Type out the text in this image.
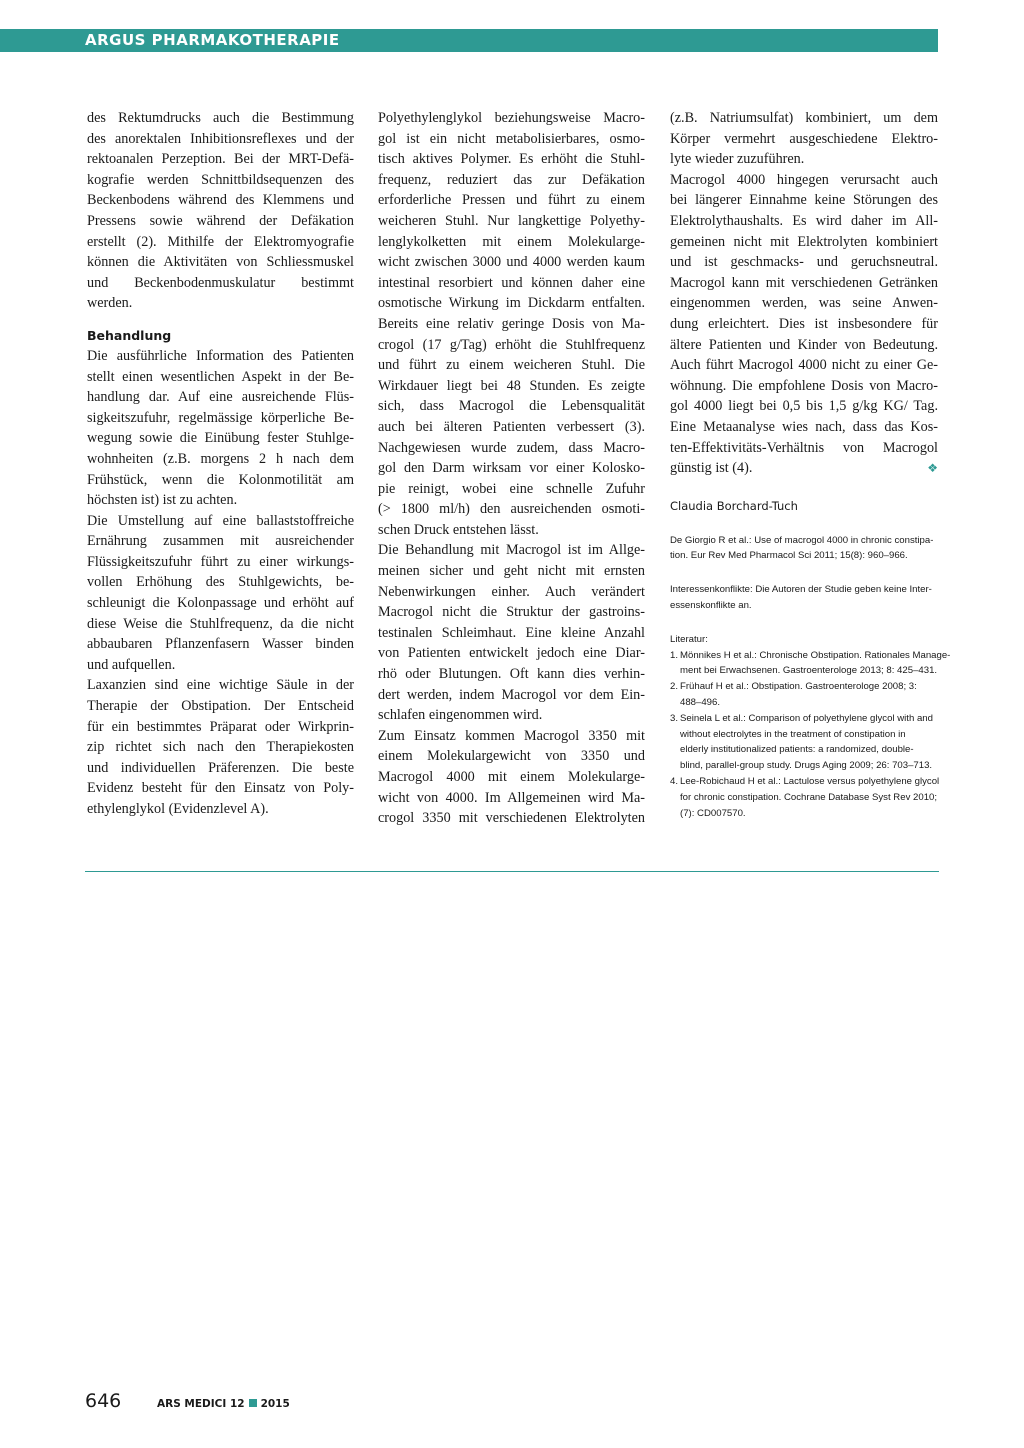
ARGUS PHARMAKOTHERAPIE
des Rektumdrucks auch die Bestimmung
des anorektalen Inhibitionsreflexes und der
rektoanalen Perzeption. Bei der MRT-Defä-
kografie werden Schnittbildsequenzen des
Beckenbodens während des Klemmens und
Pressens sowie während der Defäkation
erstellt (2). Mithilfe der Elektromyografie
können die Aktivitäten von Schliessmuskel
und Beckenbodenmuskulatur bestimmt
werden.
Behandlung
Die ausführliche Information des Patienten
stellt einen wesentlichen Aspekt in der Be-
handlung dar. Auf eine ausreichende Flüs-
sigkeitszufuhr, regelmässige körperliche Be-
wegung sowie die Einübung fester Stuhlge-
wohnheiten (z.B. morgens 2 h nach dem
Frühstück, wenn die Kolonmotilität am
höchsten ist) ist zu achten.
Die Umstellung auf eine ballaststoffreiche
Ernährung zusammen mit ausreichender
Flüssigkeitszufuhr führt zu einer wirkungs-
vollen Erhöhung des Stuhlgewichts, be-
schleunigt die Kolonpassage und erhöht auf
diese Weise die Stuhlfrequenz, da die nicht
abbaubaren Pflanzenfasern Wasser binden
und aufquellen.
Laxanzien sind eine wichtige Säule in der
Therapie der Obstipation. Der Entscheid
für ein bestimmtes Präparat oder Wirkprin-
zip richtet sich nach den Therapiekosten
und individuellen Präferenzen. Die beste
Evidenz besteht für den Einsatz von Poly-
ethylenglykol (Evidenzlevel A).
Polyethylenglykol beziehungsweise Macro-
gol ist ein nicht metabolisierbares, osmo-
tisch aktives Polymer. Es erhöht die Stuhl-
frequenz, reduziert das zur Defäkation
erforderliche Pressen und führt zu einem
weicheren Stuhl. Nur langkettige Polyethy-
lenglykolketten mit einem Molekularge-
wicht zwischen 3000 und 4000 werden kaum
intestinal resorbiert und können daher eine
osmotische Wirkung im Dickdarm entfalten.
Bereits eine relativ geringe Dosis von Ma-
crogol (17 g/Tag) erhöht die Stuhlfrequenz
und führt zu einem weicheren Stuhl. Die
Wirkdauer liegt bei 48 Stunden. Es zeigte
sich, dass Macrogol die Lebensqualität
auch bei älteren Patienten verbessert (3).
Nachgewiesen wurde zudem, dass Macro-
gol den Darm wirksam vor einer Kolosko-
pie reinigt, wobei eine schnelle Zufuhr
(> 1800 ml/h) den ausreichenden osmoti-
schen Druck entstehen lässt.
Die Behandlung mit Macrogol ist im Allge-
meinen sicher und geht nicht mit ernsten
Nebenwirkungen einher. Auch verändert
Macrogol nicht die Struktur der gastroins-
testinalen Schleimhaut. Eine kleine Anzahl
von Patienten entwickelt jedoch eine Diar-
rhö oder Blutungen. Oft kann dies verhin-
dert werden, indem Macrogol vor dem Ein-
schlafen eingenommen wird.
Zum Einsatz kommen Macrogol 3350 mit
einem Molekulargewicht von 3350 und
Macrogol 4000 mit einem Molekularge-
wicht von 4000. Im Allgemeinen wird Ma-
crogol 3350 mit verschiedenen Elektrolyten
(z.B. Natriumsulfat) kombiniert, um dem
Körper vermehrt ausgeschiedene Elektro-
lyte wieder zuzuführen.
Macrogol 4000 hingegen verursacht auch
bei längerer Einnahme keine Störungen des
Elektrolythaushalts. Es wird daher im All-
gemeinen nicht mit Elektrolyten kombiniert
und ist geschmacks- und geruchsneutral.
Macrogol kann mit verschiedenen Getränken
eingenommen werden, was seine Anwen-
dung erleichtert. Dies ist insbesondere für
ältere Patienten und Kinder von Bedeutung.
Auch führt Macrogol 4000 nicht zu einer Ge-
wöhnung. Die empfohlene Dosis von Macro-
gol 4000 liegt bei 0,5 bis 1,5 g/kg KG/ Tag.
Eine Metaanalyse wies nach, dass das Kos-
ten-Effektivitäts-Verhältnis von Macrogol
günstig ist (4).	❖
Claudia Borchard-Tuch
De Giorgio R et al.: Use of macrogol 4000 in chronic constipa-
tion. Eur Rev Med Pharmacol Sci 2011; 15(8): 960–966.
Interessenkonflikte: Die Autoren der Studie geben keine Inter-
essenskonflikte an.
Literatur:
1. Mönnikes H et al.: Chronische Obstipation. Rationales Manage-
ment bei Erwachsenen. Gastroenterologe 2013; 8: 425–431.
2. Frühauf H et al.: Obstipation. Gastroenterologe 2008; 3:
488–496.
3. Seinela L et al.: Comparison of polyethylene glycol with and
without electrolytes in the treatment of constipation in
elderly institutionalized patients: a randomized, double-
blind, parallel-group study. Drugs Aging 2009; 26: 703–713.
4. Lee-Robichaud H et al.: Lactulose versus polyethylene glycol
for chronic constipation. Cochrane Database Syst Rev 2010;
(7): CD007570.
646	ARS MEDICI 12 2015
